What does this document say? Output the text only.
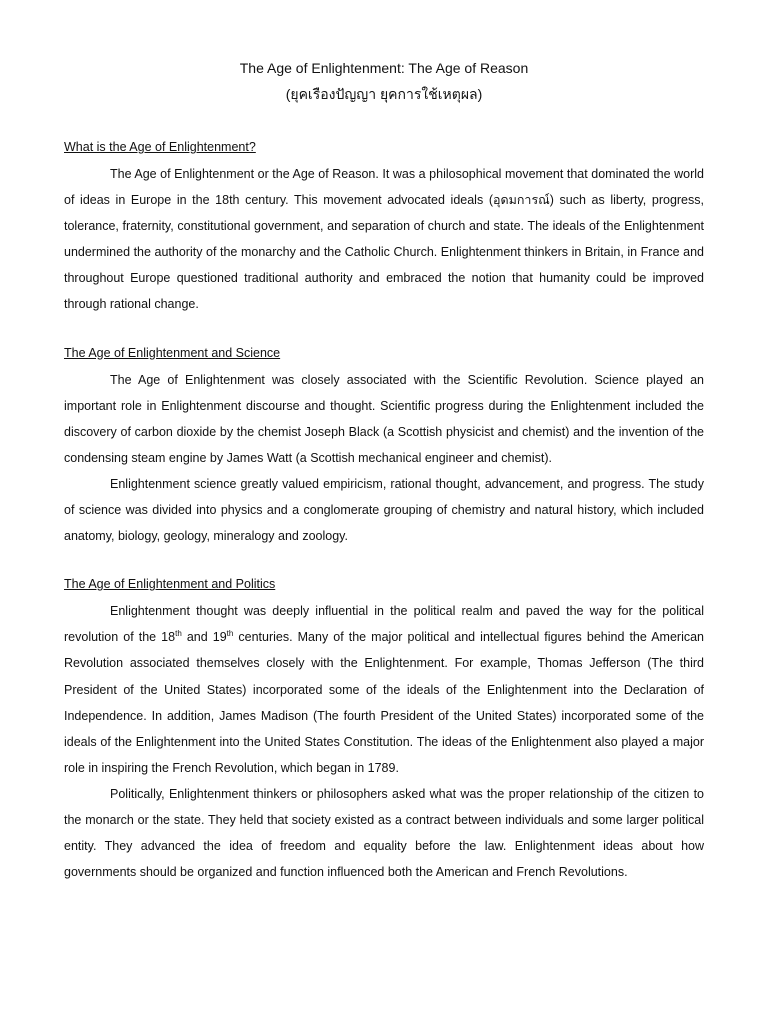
The Age of Enlightenment: The Age of Reason

(ยุคเรืองปัญญา ยุคการใช้เหตุผล)

What is the Age of Enlightenment?

The Age of Enlightenment or the Age of Reason. It was a philosophical movement that dominated the world of ideas in Europe in the 18th century. This movement advocated ideals (อุดมการณ์) such as liberty, progress, tolerance, fraternity, constitutional government, and separation of church and state. The ideals of the Enlightenment undermined the authority of the monarchy and the Catholic Church. Enlightenment thinkers in Britain, in France and throughout Europe questioned traditional authority and embraced the notion that humanity could be improved through rational change.

The Age of Enlightenment and Science

The Age of Enlightenment was closely associated with the Scientific Revolution. Science played an important role in Enlightenment discourse and thought. Scientific progress during the Enlightenment included the discovery of carbon dioxide by the chemist Joseph Black (a Scottish physicist and chemist) and the invention of the condensing steam engine by James Watt (a Scottish mechanical engineer and chemist).

Enlightenment science greatly valued empiricism, rational thought, advancement, and progress. The study of science was divided into physics and a conglomerate grouping of chemistry and natural history, which included anatomy, biology, geology, mineralogy and zoology.

The Age of Enlightenment and Politics

Enlightenment thought was deeply influential in the political realm and paved the way for the political revolution of the 18th and 19th centuries. Many of the major political and intellectual figures behind the American Revolution associated themselves closely with the Enlightenment. For example, Thomas Jefferson (The third President of the United States) incorporated some of the ideals of the Enlightenment into the Declaration of Independence. In addition, James Madison (The fourth President of the United States) incorporated some of the ideals of the Enlightenment into the United States Constitution. The ideas of the Enlightenment also played a major role in inspiring the French Revolution, which began in 1789.

Politically, Enlightenment thinkers or philosophers asked what was the proper relationship of the citizen to the monarch or the state. They held that society existed as a contract between individuals and some larger political entity. They advanced the idea of freedom and equality before the law. Enlightenment ideas about how governments should be organized and function influenced both the American and French Revolutions.
